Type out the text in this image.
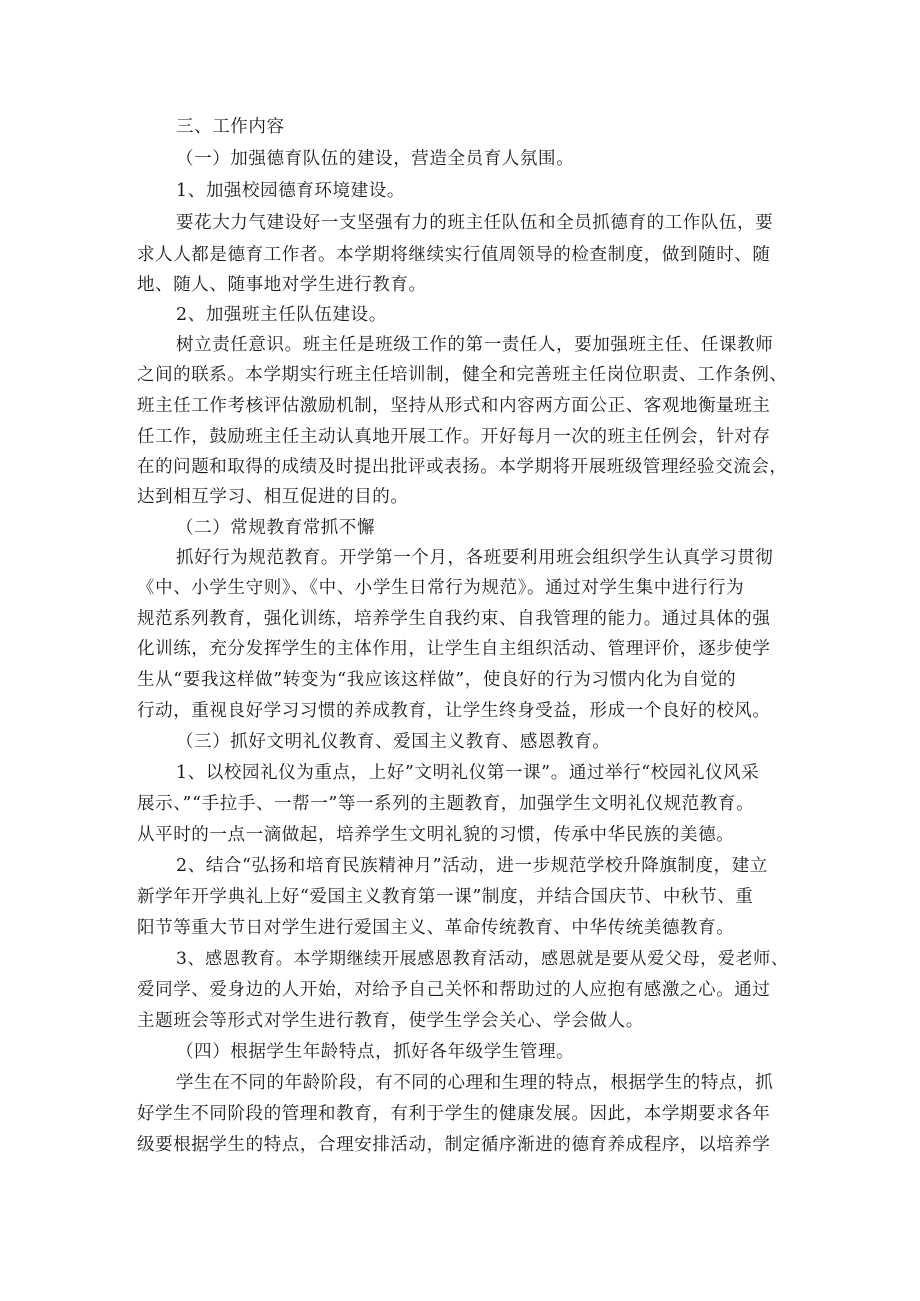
三、工作内容
（一）加强德育队伍的建设，营造全员育人氛围。
1、加强校园德育环境建设。
要花大力气建设好一支坚强有力的班主任队伍和全员抓德育的工作队伍，要
求人人都是德育工作者。本学期将继续实行值周领导的检查制度，做到随时、随
地、随人、随事地对学生进行教育。
2、加强班主任队伍建设。
树立责任意识。班主任是班级工作的第一责任人，要加强班主任、任课教师
之间的联系。本学期实行班主任培训制，健全和完善班主任岗位职责、工作条例、
班主任工作考核评估激励机制，坚持从形式和内容两方面公正、客观地衡量班主
任工作，鼓励班主任主动认真地开展工作。开好每月一次的班主任例会，针对存
在的问题和取得的成绩及时提出批评或表扬。本学期将开展班级管理经验交流会，
达到相互学习、相互促进的目的。
（二）常规教育常抓不懈
抓好行为规范教育。开学第一个月，各班要利用班会组织学生认真学习贯彻
《中、小学生守则》、《中、小学生日常行为规范》。通过对学生集中进行行为
规范系列教育，强化训练，培养学生自我约束、自我管理的能力。通过具体的强
化训练，充分发挥学生的主体作用，让学生自主组织活动、管理评价，逐步使学
生从“要我这样做”转变为“我应该这样做”，使良好的行为习惯内化为自觉的
行动，重视良好学习习惯的养成教育，让学生终身受益，形成一个良好的校风。
（三）抓好文明礼仪教育、爱国主义教育、感恩教育。
1、以校园礼仪为重点，上好”文明礼仪第一课”。通过举行“校园礼仪风采
展示、”“手拉手、一帮一”等一系列的主题教育，加强学生文明礼仪规范教育。
从平时的一点一滴做起，培养学生文明礼貌的习惯，传承中华民族的美德。
2、结合“弘扬和培育民族精神月”活动，进一步规范学校升降旗制度，建立
新学年开学典礼上好“爱国主义教育第一课”制度，并结合国庆节、中秋节、重
阳节等重大节日对学生进行爱国主义、革命传统教育、中华传统美德教育。
3、感恩教育。本学期继续开展感恩教育活动，感恩就是要从爱父母，爱老师、
爱同学、爱身边的人开始，对给予自己关怀和帮助过的人应抱有感激之心。通过
主题班会等形式对学生进行教育，使学生学会关心、学会做人。
（四）根据学生年龄特点，抓好各年级学生管理。
学生在不同的年龄阶段，有不同的心理和生理的特点，根据学生的特点，抓
好学生不同阶段的管理和教育，有利于学生的健康发展。因此，本学期要求各年
级要根据学生的特点，合理安排活动，制定循序渐进的德育养成程序，以培养学
